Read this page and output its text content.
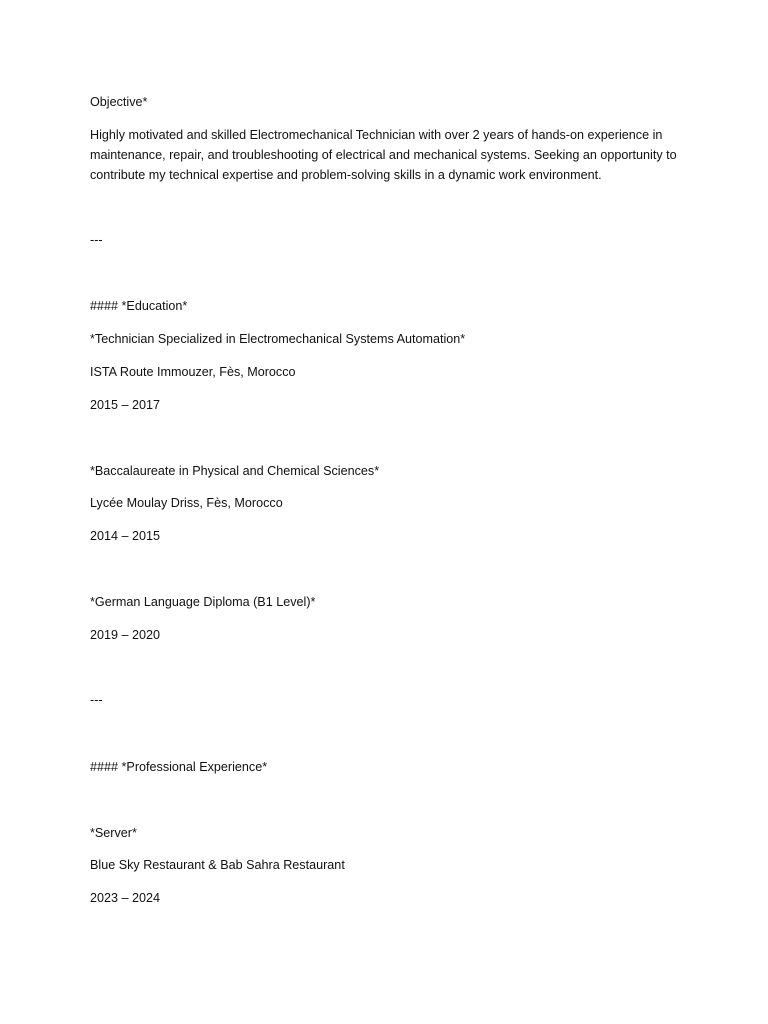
Objective*

Highly motivated and skilled Electromechanical Technician with over 2 years of hands-on experience in maintenance, repair, and troubleshooting of electrical and mechanical systems. Seeking an opportunity to contribute my technical expertise and problem-solving skills in a dynamic work environment.

---

#### *Education*

*Technician Specialized in Electromechanical Systems Automation*

ISTA Route Immouzer, Fès, Morocco

2015 – 2017

*Baccalaureate in Physical and Chemical Sciences*

Lycée Moulay Driss, Fès, Morocco

2014 – 2015

*German Language Diploma (B1 Level)*

2019 – 2020

---

#### *Professional Experience*

*Server*

Blue Sky Restaurant & Bab Sahra Restaurant

2023 – 2024
